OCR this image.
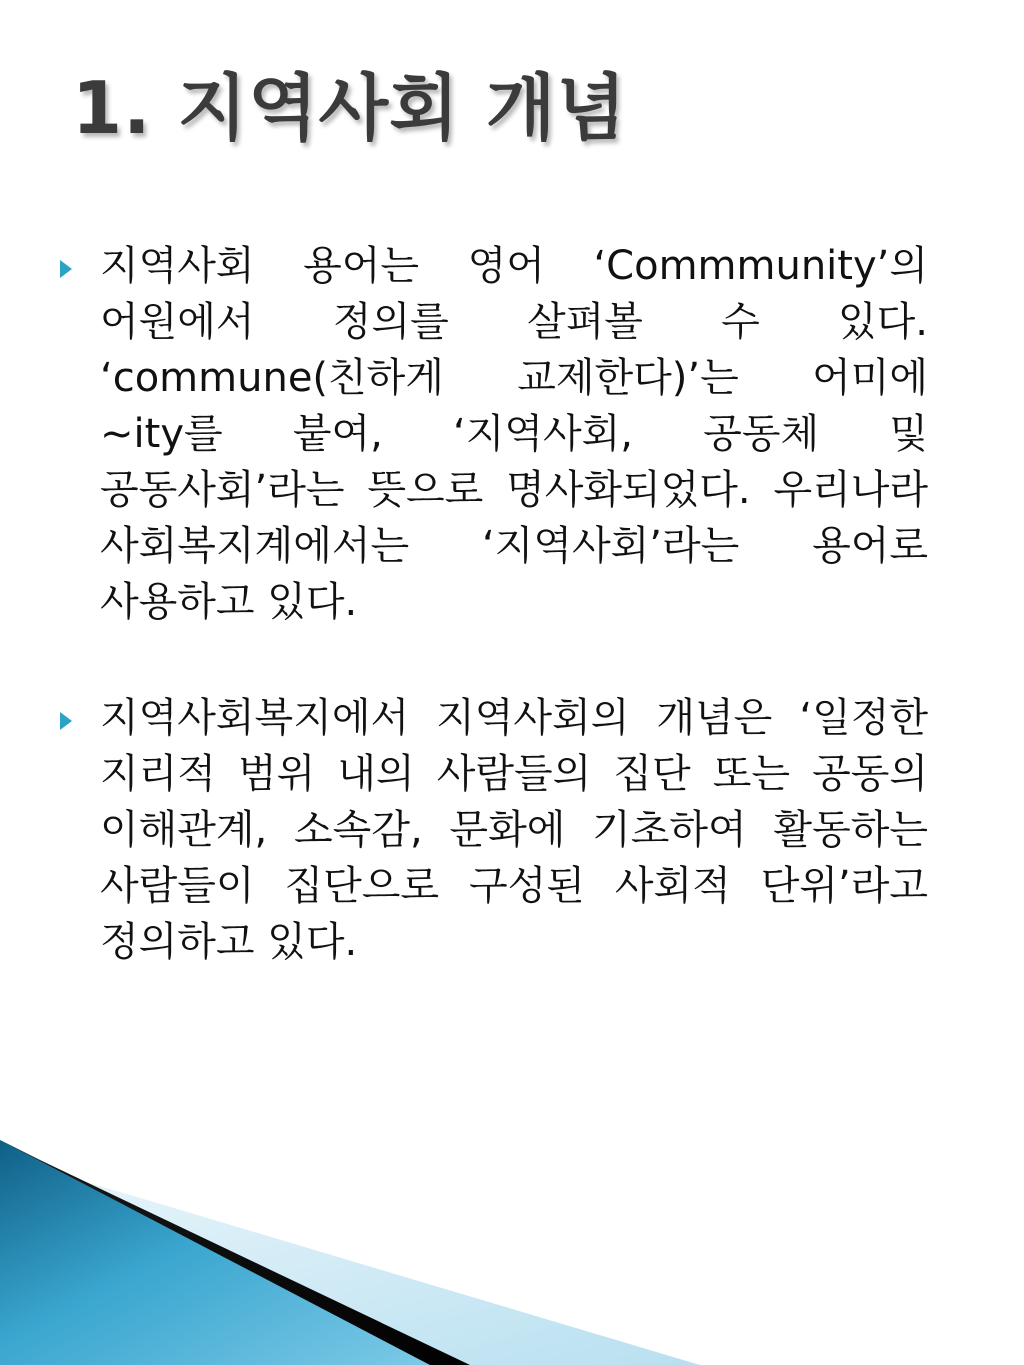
1. 지역사회 개념

지역사회 용어는 영어 ‘Commmunity’의 어원에서 정의를 살펴볼 수 있다. ‘commune(친하게 교제한다)’는 어미에 ~ity를 붙여, ‘지역사회, 공동체 및 공동사회’라는 뜻으로 명사화되었다. 우리나라 사회복지계에서는 ‘지역사회’라는 용어로 사용하고 있다.

지역사회복지에서 지역사회의 개념은 ‘일정한 지리적 범위 내의 사람들의 집단 또는 공동의 이해관계, 소속감, 문화에 기초하여 활동하는 사람들이 집단으로 구성된 사회적 단위’라고 정의하고 있다.
